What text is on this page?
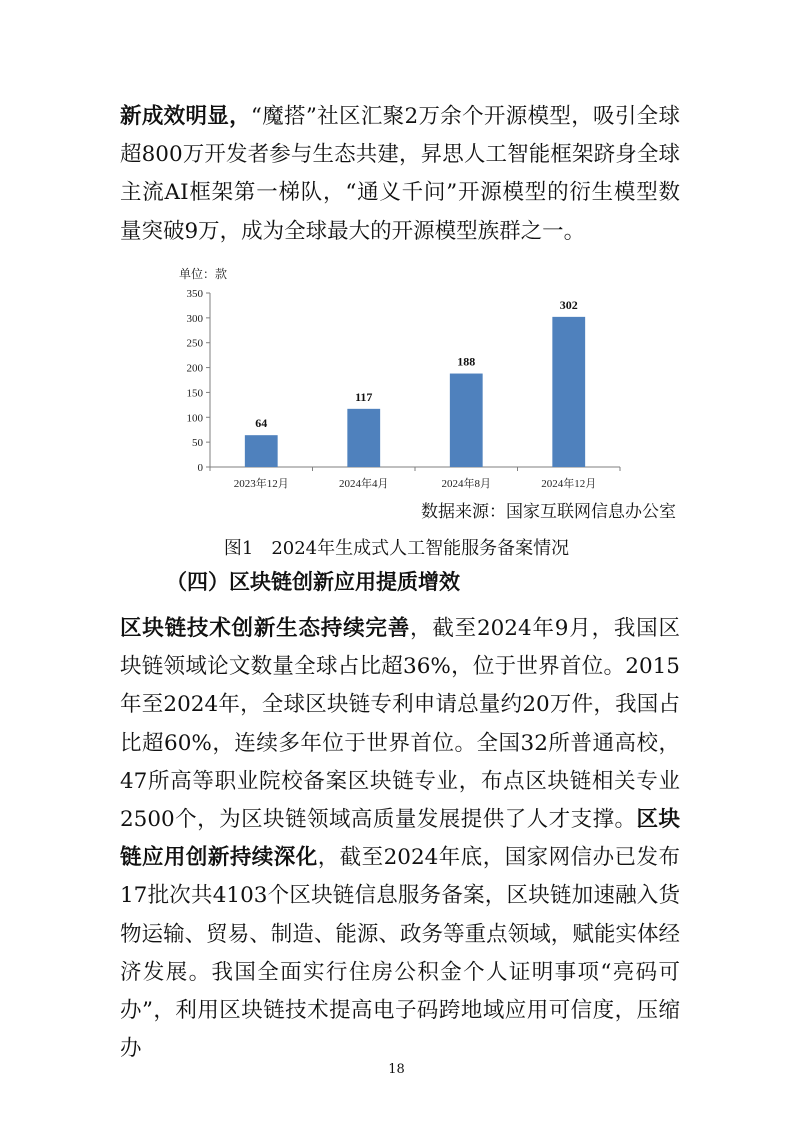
新成效明显，“魔搭”社区汇聚2万余个开源模型，吸引全球超800万开发者参与生态共建，昇思人工智能框架跻身全球主流AI框架第一梯队，“通义千问”开源模型的衍生模型数量突破9万，成为全球最大的开源模型族群之一。

单位：款
0
50
100
150
200
250
300
350
64
2023年12月
117
2024年4月
188
2024年8月
302
2024年12月

数据来源：国家互联网信息办公室

图1 2024年生成式人工智能服务备案情况

（四）区块链创新应用提质增效

区块链技术创新生态持续完善，截至2024年9月，我国区块链领域论文数量全球占比超36%，位于世界首位。2015年至2024年，全球区块链专利申请总量约20万件，我国占比超60%，连续多年位于世界首位。全国32所普通高校，47所高等职业院校备案区块链专业，布点区块链相关专业2500个，为区块链领域高质量发展提供了人才支撑。区块链应用创新持续深化，截至2024年底，国家网信办已发布17批次共4103个区块链信息服务备案，区块链加速融入货物运输、贸易、制造、能源、政务等重点领域，赋能实体经济发展。我国全面实行住房公积金个人证明事项“亮码可办”，利用区块链技术提高电子码跨地域应用可信度，压缩办

18
